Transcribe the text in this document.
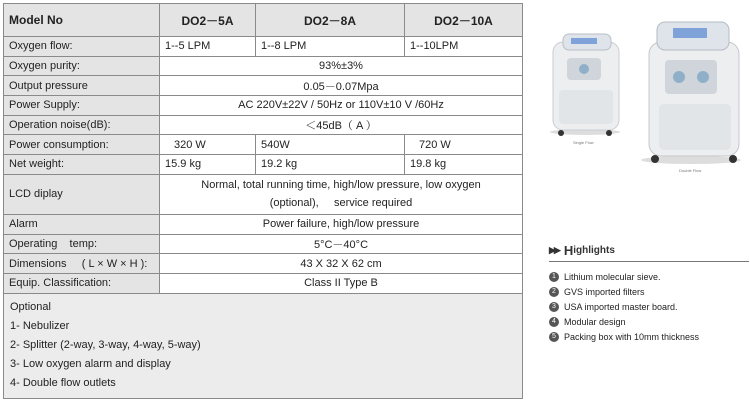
Model No	DO2－5A	DO2－8A	DO2－10A
Oxygen flow:	1--5 LPM	1--8 LPM	1--10LPM
Oxygen purity:	93%±3%		
Output pressure	0.05－0.07Mpa		
Power Supply:	AC 220V±22V / 50Hz or 110V±10 V /60Hz		
Operation noise(dB):	＜45dB（ A ）		
Power consumption:	320 W	540W	720 W
Net weight:	15.9 kg	19.2 kg	19.8 kg
LCD diplay	Normal, total running time, high/low pressure, low oxygen
(optional),     service required		

Alarm	Power failure, high/low pressure		
Operating    temp:	5°C－40°C		
Dimensions     ( L × W × H ):	43 X 32 X 62 cm		
Equip. Classification:	Class II Type B		

Optional
1- Nebulizer
2- Splitter (2-way, 3-way, 4-way, 5-way)
3- Low oxygen alarm and display
4- Double flow outlets			
Single Flow
Double Flow
▶▶ H ighlights
1 Lithium molecular sieve.
2 GVS imported filters
3 USA imported master board.
4 Modular design
5 Packing box with 10mm thickness
